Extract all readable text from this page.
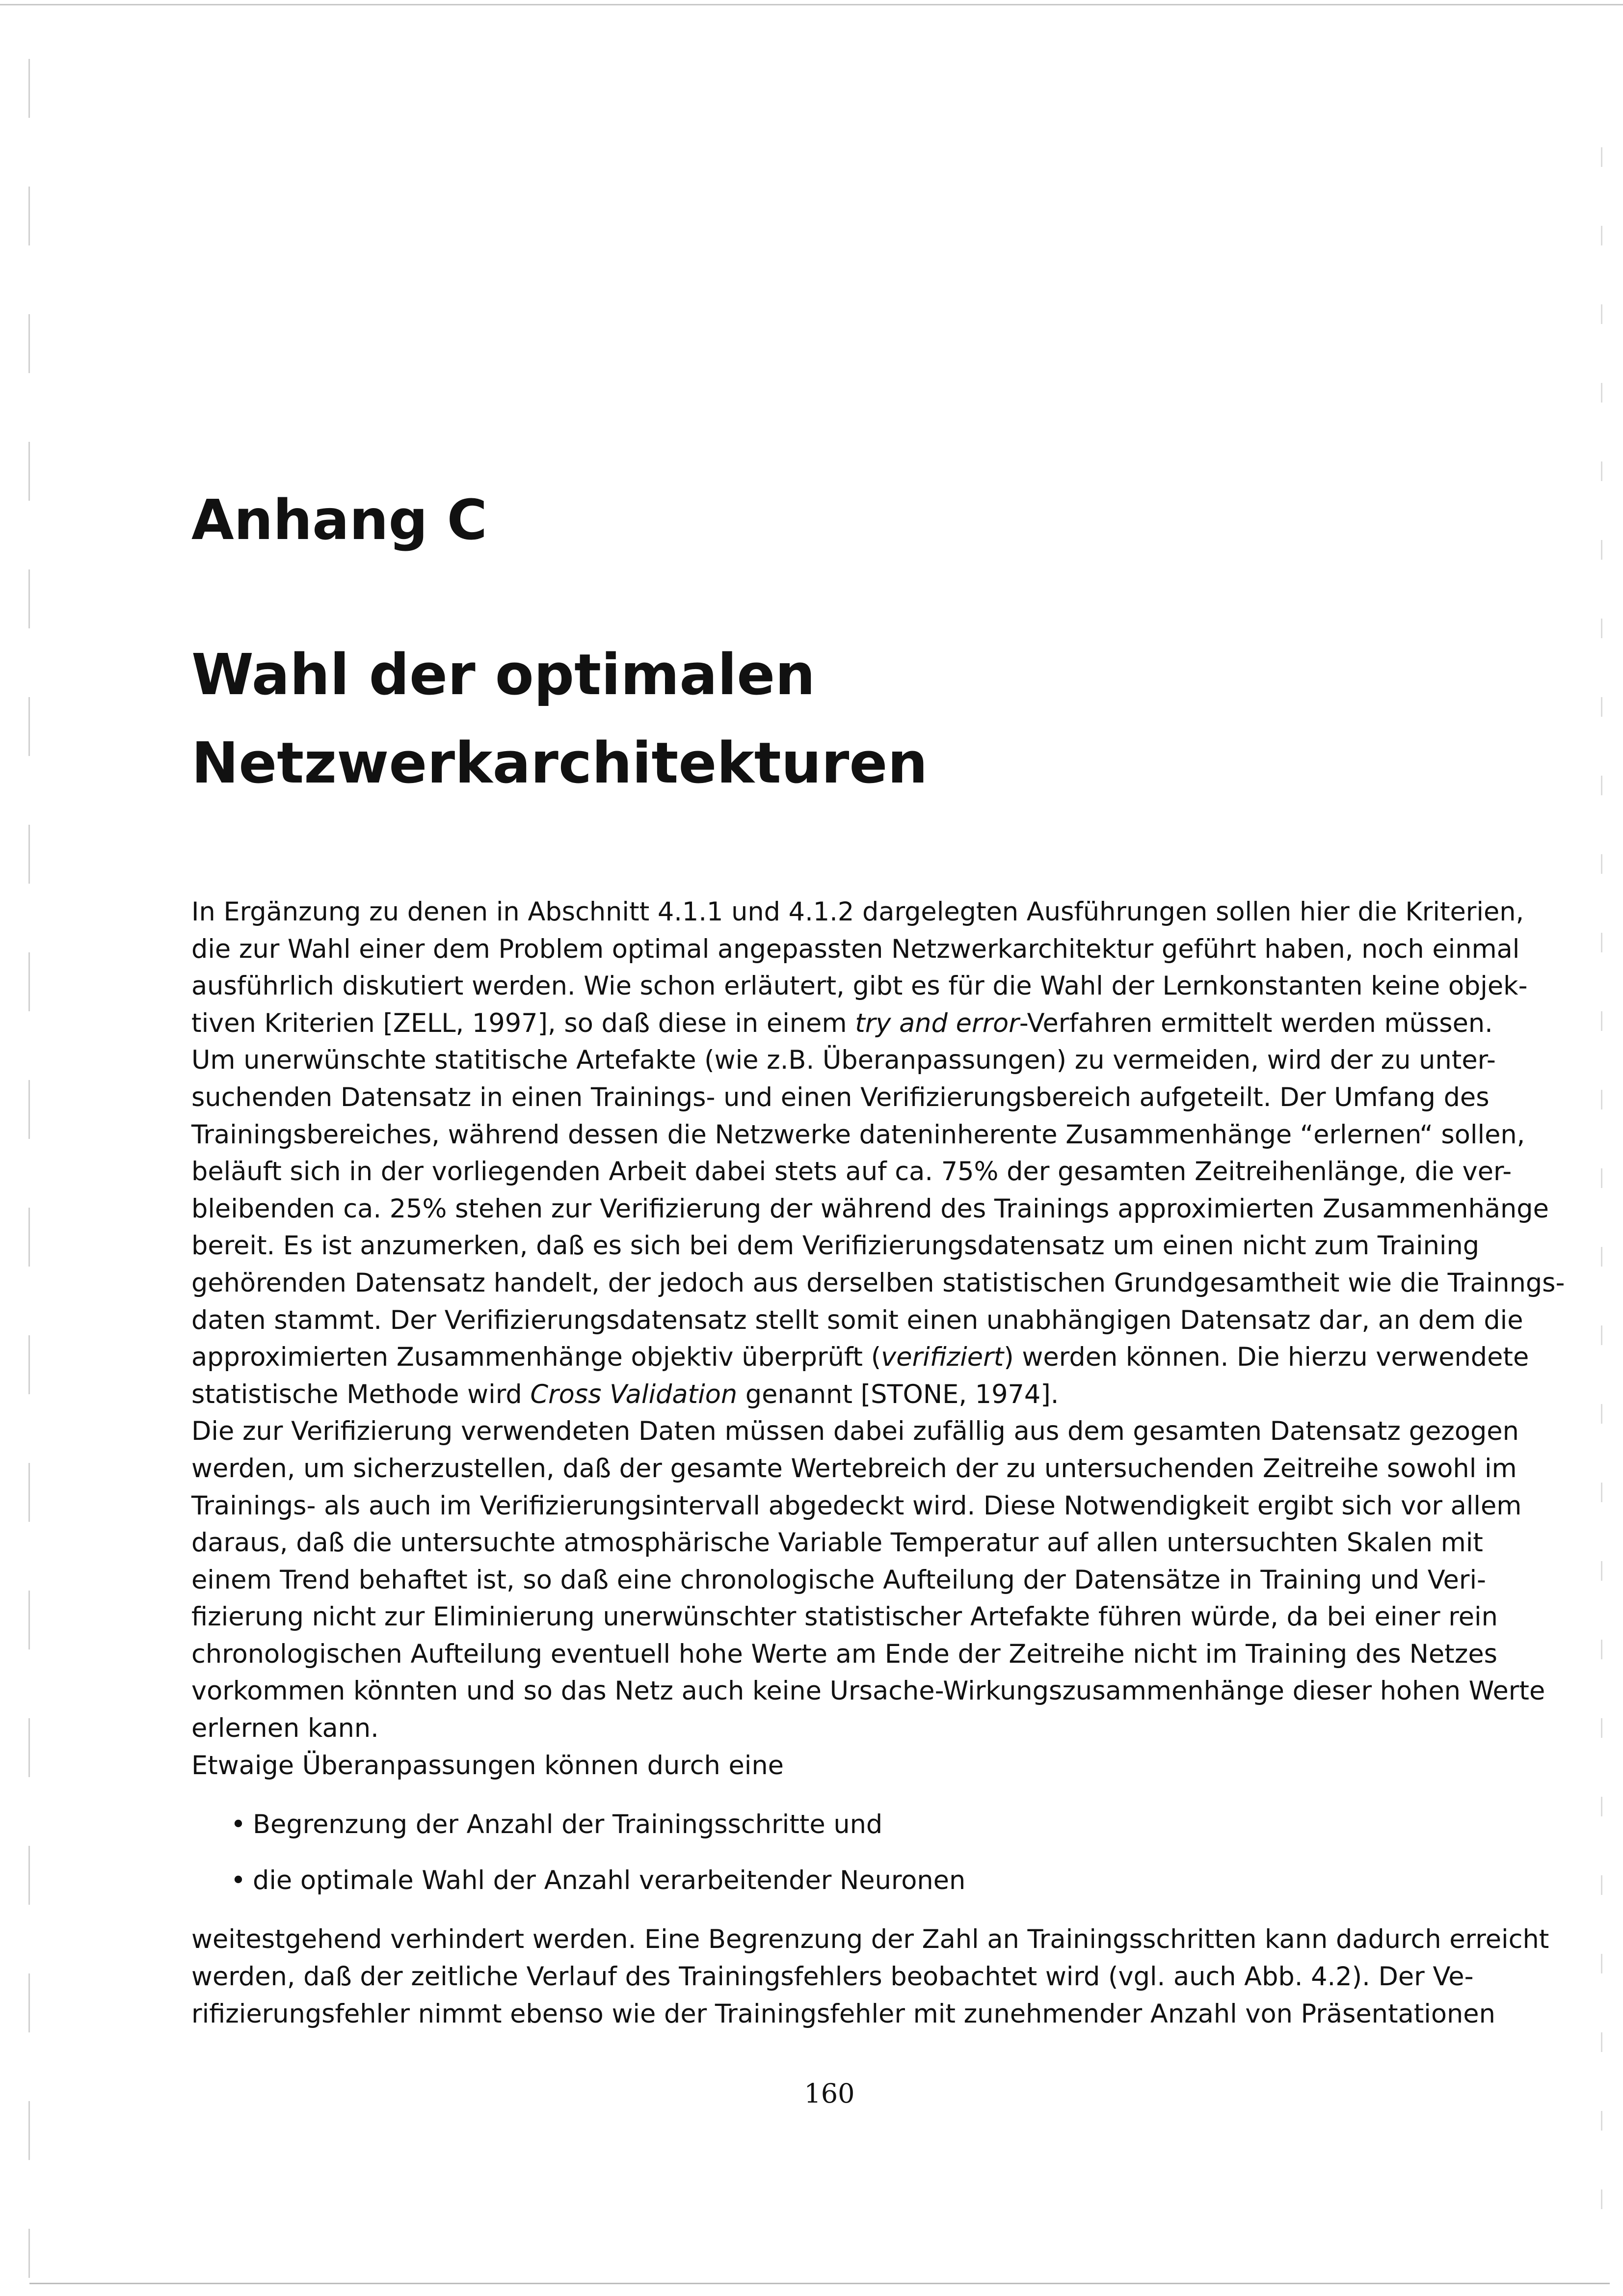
Anhang C
Wahl der optimalen
Netzwerkarchitekturen

In Ergänzung zu denen in Abschnitt 4.1.1 und 4.1.2 dargelegten Ausführungen sollen hier die Kriterien,
die zur Wahl einer dem Problem optimal angepassten Netzwerkarchitektur geführt haben, noch einmal
ausführlich diskutiert werden. Wie schon erläutert, gibt es für die Wahl der Lernkonstanten keine objek-
tiven Kriterien [ZELL, 1997], so daß diese in einem try and error-Verfahren ermittelt werden müssen.

Um unerwünschte statitische Artefakte (wie z.B. Überanpassungen) zu vermeiden, wird der zu unter-
suchenden Datensatz in einen Trainings- und einen Verifizierungsbereich aufgeteilt. Der Umfang des
Trainingsbereiches, während dessen die Netzwerke dateninherente Zusammenhänge “erlernen“ sollen,
beläuft sich in der vorliegenden Arbeit dabei stets auf ca. 75% der gesamten Zeitreihenlänge, die ver-
bleibenden ca. 25% stehen zur Verifizierung der während des Trainings approximierten Zusammenhänge
bereit. Es ist anzumerken, daß es sich bei dem Verifizierungsdatensatz um einen nicht zum Training
gehörenden Datensatz handelt, der jedoch aus derselben statistischen Grundgesamtheit wie die Trainngs-
daten stammt. Der Verifizierungsdatensatz stellt somit einen unabhängigen Datensatz dar, an dem die
approximierten Zusammenhänge objektiv überprüft (verifiziert) werden können. Die hierzu verwendete
statistische Methode wird Cross Validation genannt [STONE, 1974].

Die zur Verifizierung verwendeten Daten müssen dabei zufällig aus dem gesamten Datensatz gezogen
werden, um sicherzustellen, daß der gesamte Wertebreich der zu untersuchenden Zeitreihe sowohl im
Trainings- als auch im Verifizierungsintervall abgedeckt wird. Diese Notwendigkeit ergibt sich vor allem
daraus, daß die untersuchte atmosphärische Variable Temperatur auf allen untersuchten Skalen mit
einem Trend behaftet ist, so daß eine chronologische Aufteilung der Datensätze in Training und Veri-
fizierung nicht zur Eliminierung unerwünschter statistischer Artefakte führen würde, da bei einer rein
chronologischen Aufteilung eventuell hohe Werte am Ende der Zeitreihe nicht im Training des Netzes
vorkommen könnten und so das Netz auch keine Ursache-Wirkungszusammenhänge dieser hohen Werte
erlernen kann.

Etwaige Überanpassungen können durch eine

• Begrenzung der Anzahl der Trainingsschritte und
• die optimale Wahl der Anzahl verarbeitender Neuronen

weitestgehend verhindert werden. Eine Begrenzung der Zahl an Trainingsschritten kann dadurch erreicht
werden, daß der zeitliche Verlauf des Trainingsfehlers beobachtet wird (vgl. auch Abb. 4.2). Der Ve-
rifizierungsfehler nimmt ebenso wie der Trainingsfehler mit zunehmender Anzahl von Präsentationen

160
